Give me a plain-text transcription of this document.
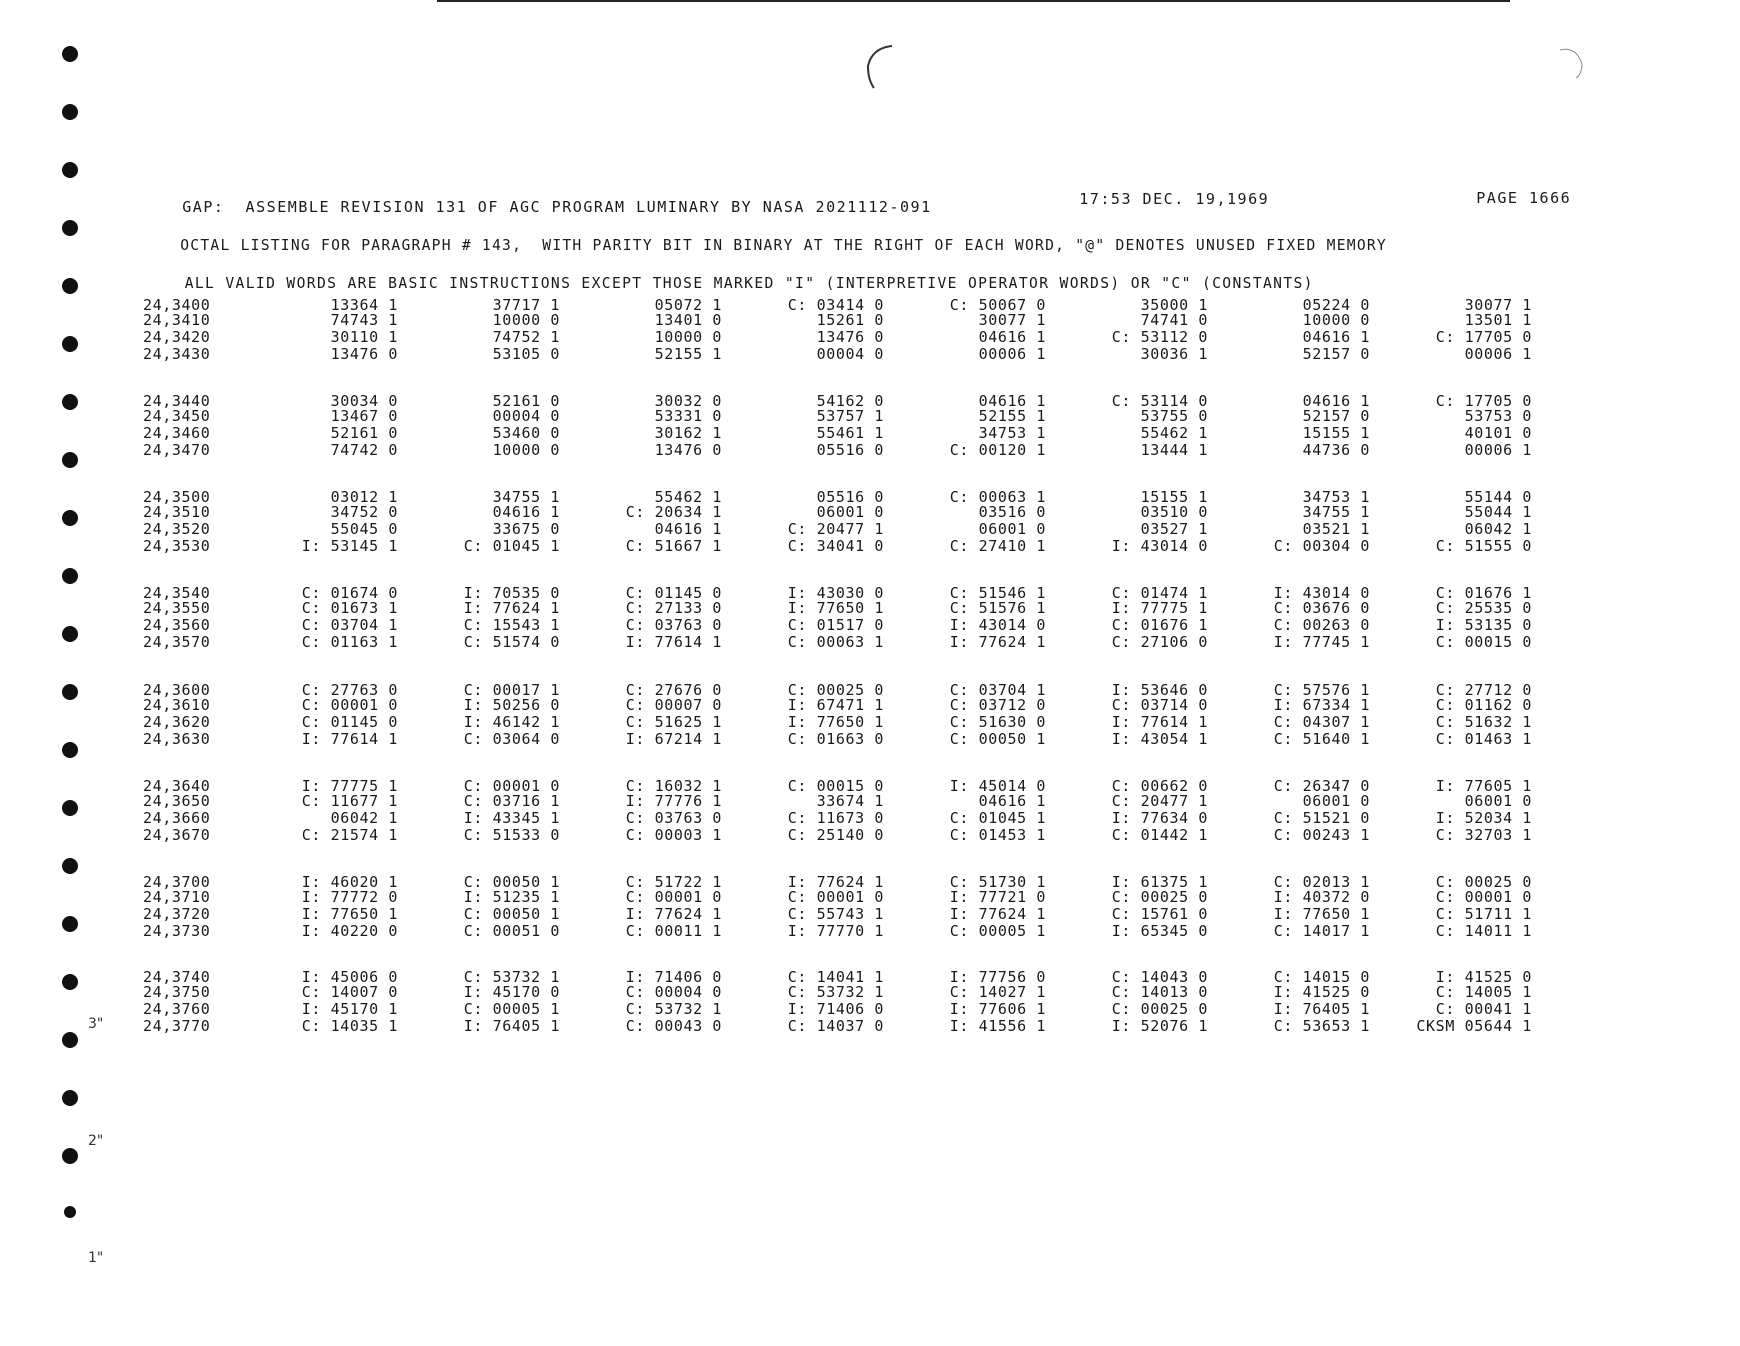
3"
2"
1"

GAP:  ASSEMBLE REVISION 131 OF AGC PROGRAM LUMINARY BY NASA 2021112-091
	17:53 DEC. 19,1969
	PAGE 1666

OCTAL LISTING FOR PARAGRAPH # 143,  WITH PARITY BIT IN BINARY AT THE RIGHT OF EACH WORD, "@" DENOTES UNUSED FIXED MEMORY

ALL VALID WORDS ARE BASIC INSTRUCTIONS EXCEPT THOSE MARKED "I" (INTERPRETIVE OPERATOR WORDS) OR "C" (CONSTANTS)

24,3400	13364 1	37717 1	05072 1	C: 03414 0	C: 50067 0	35000 1	05224 0	30077 1
24,3410	74743 1	10000 0	13401 0	15261 0	30077 1	74741 0	10000 0	13501 1
24,3420	30110 1	74752 1	10000 0	13476 0	04616 1	C: 53112 0	04616 1	C: 17705 0
24,3430	13476 0	53105 0	52155 1	00004 0	00006 1	30036 1	52157 0	00006 1
24,3440	30034 0	52161 0	30032 0	54162 0	04616 1	C: 53114 0	04616 1	C: 17705 0
24,3450	13467 0	00004 0	53331 0	53757 1	52155 1	53755 0	52157 0	53753 0
24,3460	52161 0	53460 0	30162 1	55461 1	34753 1	55462 1	15155 1	40101 0
24,3470	74742 0	10000 0	13476 0	05516 0	C: 00120 1	13444 1	44736 0	00006 1
24,3500	03012 1	34755 1	55462 1	05516 0	C: 00063 1	15155 1	34753 1	55144 0
24,3510	34752 0	04616 1	C: 20634 1	06001 0	03516 0	03510 0	34755 1	55044 1
24,3520	55045 0	33675 0	04616 1	C: 20477 1	06001 0	03527 1	03521 1	06042 1
24,3530	I: 53145 1	C: 01045 1	C: 51667 1	C: 34041 0	C: 27410 1	I: 43014 0	C: 00304 0	C: 51555 0
24,3540	C: 01674 0	I: 70535 0	C: 01145 0	I: 43030 0	C: 51546 1	C: 01474 1	I: 43014 0	C: 01676 1
24,3550	C: 01673 1	I: 77624 1	C: 27133 0	I: 77650 1	C: 51576 1	I: 77775 1	C: 03676 0	C: 25535 0
24,3560	C: 03704 1	C: 15543 1	C: 03763 0	C: 01517 0	I: 43014 0	C: 01676 1	C: 00263 0	I: 53135 0
24,3570	C: 01163 1	C: 51574 0	I: 77614 1	C: 00063 1	I: 77624 1	C: 27106 0	I: 77745 1	C: 00015 0
24,3600	C: 27763 0	C: 00017 1	C: 27676 0	C: 00025 0	C: 03704 1	I: 53646 0	C: 57576 1	C: 27712 0
24,3610	C: 00001 0	I: 50256 0	C: 00007 0	I: 67471 1	C: 03712 0	C: 03714 0	I: 67334 1	C: 01162 0
24,3620	C: 01145 0	I: 46142 1	C: 51625 1	I: 77650 1	C: 51630 0	I: 77614 1	C: 04307 1	C: 51632 1
24,3630	I: 77614 1	C: 03064 0	I: 67214 1	C: 01663 0	C: 00050 1	I: 43054 1	C: 51640 1	C: 01463 1
24,3640	I: 77775 1	C: 00001 0	C: 16032 1	C: 00015 0	I: 45014 0	C: 00662 0	C: 26347 0	I: 77605 1
24,3650	C: 11677 1	C: 03716 1	I: 77776 1	33674 1	04616 1	C: 20477 1	06001 0	06001 0
24,3660	06042 1	I: 43345 1	C: 03763 0	C: 11673 0	C: 01045 1	I: 77634 0	C: 51521 0	I: 52034 1
24,3670	C: 21574 1	C: 51533 0	C: 00003 1	C: 25140 0	C: 01453 1	C: 01442 1	C: 00243 1	C: 32703 1
24,3700	I: 46020 1	C: 00050 1	C: 51722 1	I: 77624 1	C: 51730 1	I: 61375 1	C: 02013 1	C: 00025 0
24,3710	I: 77772 0	I: 51235 1	C: 00001 0	C: 00001 0	I: 77721 0	C: 00025 0	I: 40372 0	C: 00001 0
24,3720	I: 77650 1	C: 00050 1	I: 77624 1	C: 55743 1	I: 77624 1	C: 15761 0	I: 77650 1	C: 51711 1
24,3730	I: 40220 0	C: 00051 0	C: 00011 1	I: 77770 1	C: 00005 1	I: 65345 0	C: 14017 1	C: 14011 1
24,3740	I: 45006 0	C: 53732 1	I: 71406 0	C: 14041 1	I: 77756 0	C: 14043 0	C: 14015 0	I: 41525 0
24,3750	C: 14007 0	I: 45170 0	C: 00004 0	C: 53732 1	C: 14027 1	C: 14013 0	I: 41525 0	C: 14005 1
24,3760	I: 45170 1	C: 00005 1	C: 53732 1	I: 71406 0	I: 77606 1	C: 00025 0	I: 76405 1	C: 00041 1
24,3770	C: 14035 1	I: 76405 1	C: 00043 0	C: 14037 0	I: 41556 1	I: 52076 1	C: 53653 1	CKSM 05644 1
